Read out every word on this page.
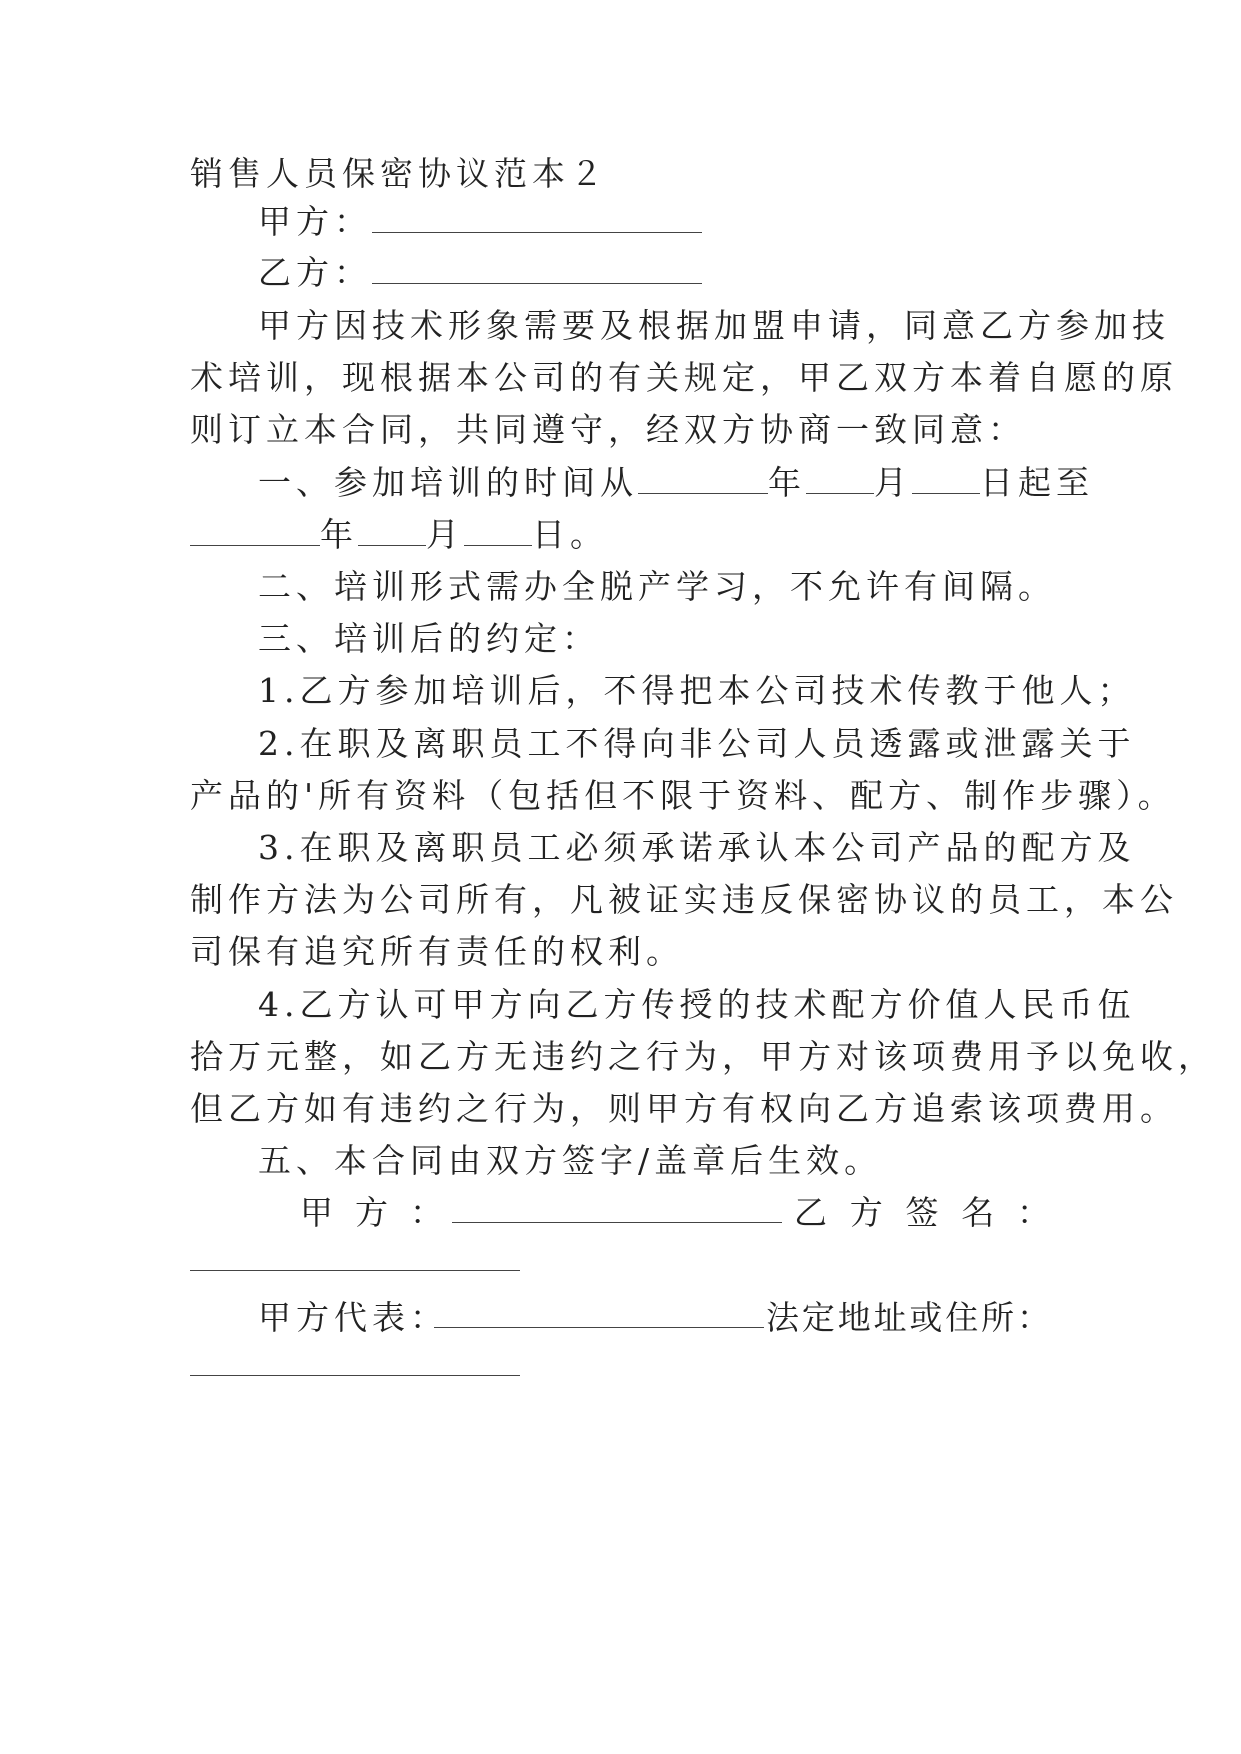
销售人员保密协议范本２
甲方：
乙方：
甲方因技术形象需要及根据加盟申请，同意乙方参加技
术培训，现根据本公司的有关规定，甲乙双方本着自愿的原
则订立本合同，共同遵守，经双方协商一致同意：
一、参加培训的时间从	年 月 日起至
年 月 日。
二、培训形式需办全脱产学习，不允许有间隔。
三、培训后的约定：
1.乙方参加培训后，不得把本公司技术传教于他人；
2.在职及离职员工不得向非公司人员透露或泄露关于
产品的'所有资料（包括但不限于资料、配方、制作步骤）。
3.在职及离职员工必须承诺承认本公司产品的配方及
制作方法为公司所有，凡被证实违反保密协议的员工，本公
司保有追究所有责任的权利。
4.乙方认可甲方向乙方传授的技术配方价值人民币伍
拾万元整，如乙方无违约之行为，甲方对该项费用予以免收，
但乙方如有违约之行为，则甲方有权向乙方追索该项费用。
五、本合同由双方签字/盖章后生效。
甲方：	乙方签名：
甲方代表：	法定地址或住所：
